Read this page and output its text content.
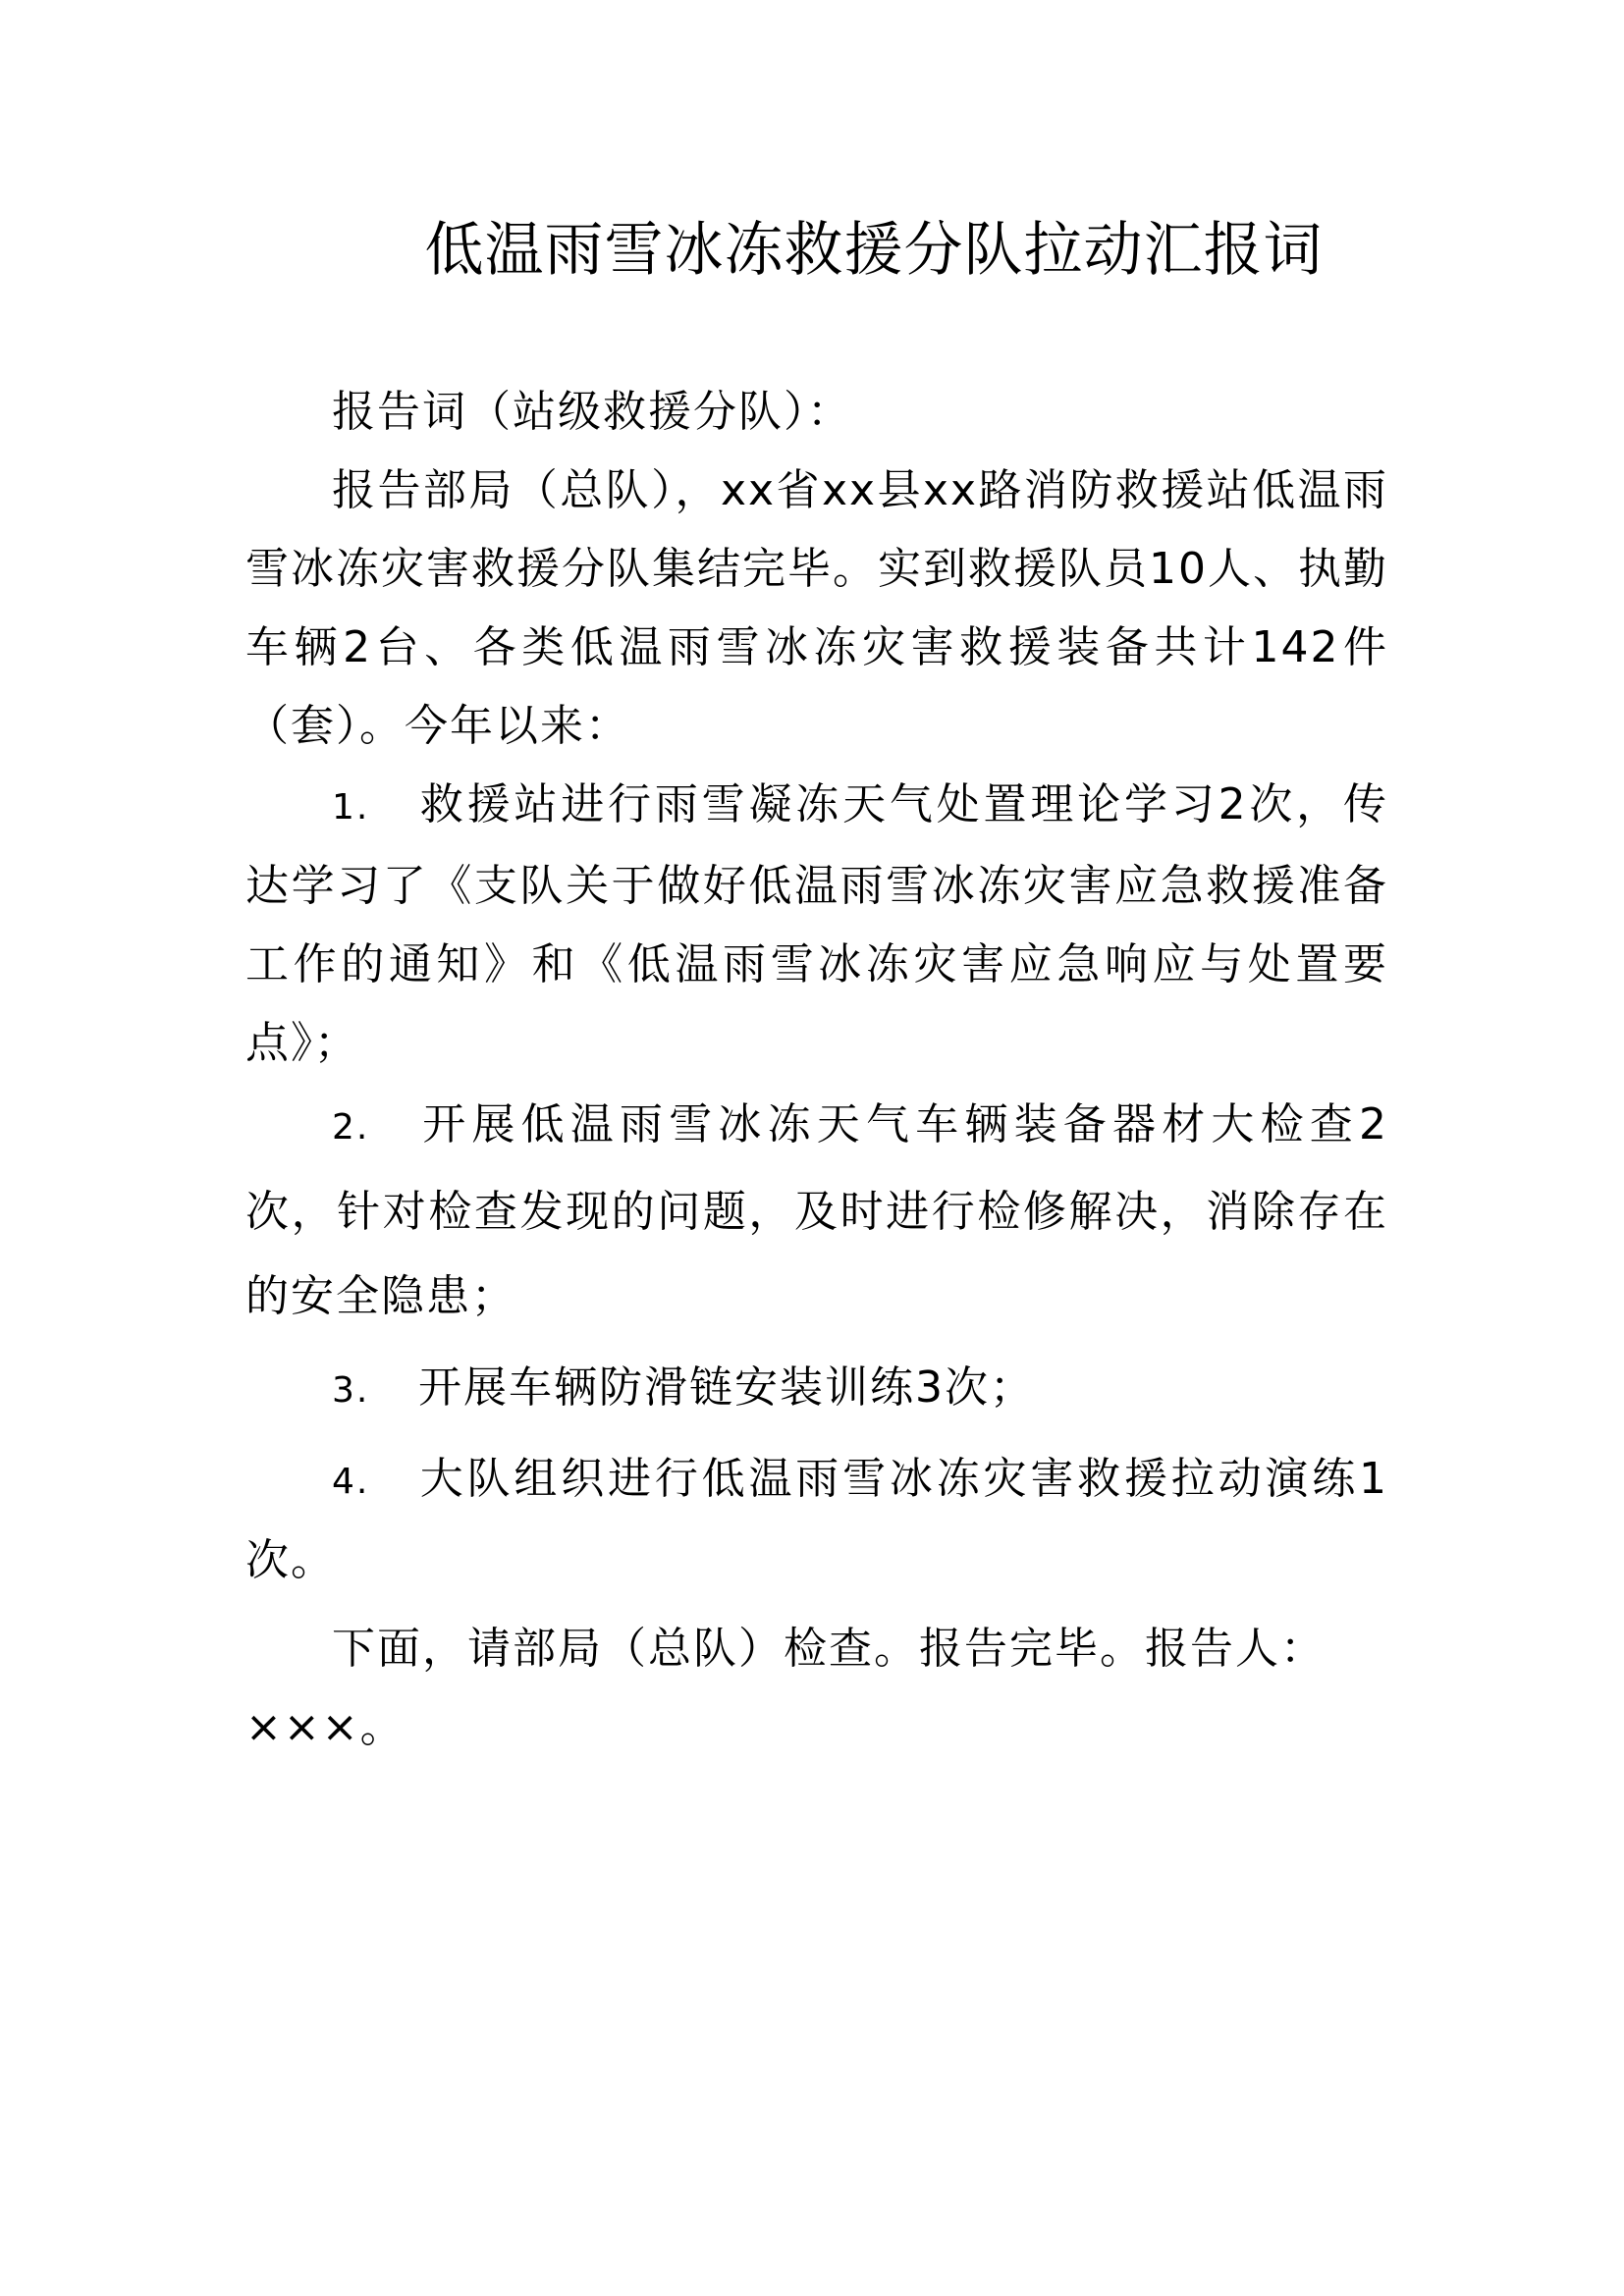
低温雨雪冰冻救援分队拉动汇报词

报告词（站级救援分队）：

报告部局（总队），xx省xx县xx路消防救援站低温雨雪冰冻灾害救援分队集结完毕。实到救援队员10人、执勤车辆2台、各类低温雨雪冰冻灾害救援装备共计142件（套）。今年以来：

1. 救援站进行雨雪凝冻天气处置理论学习2次，传达学习了《支队关于做好低温雨雪冰冻灾害应急救援准备工作的通知》和《低温雨雪冰冻灾害应急响应与处置要点》；

2. 开展低温雨雪冰冻天气车辆装备器材大检查2次，针对检查发现的问题，及时进行检修解决，消除存在的安全隐患；

3. 开展车辆防滑链安装训练3次；

4. 大队组织进行低温雨雪冰冻灾害救援拉动演练1次。

下面，请部局（总队）检查。报告完毕。报告人：×××。
